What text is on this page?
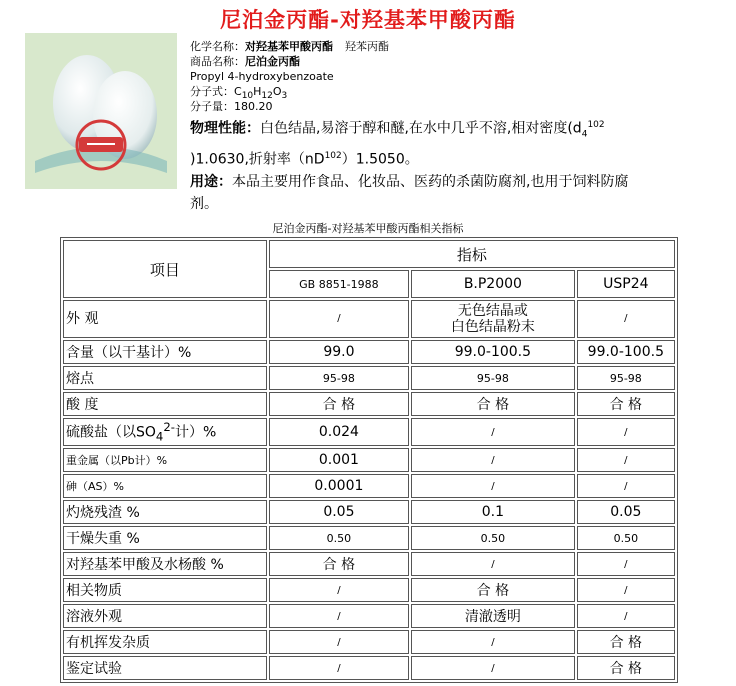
尼泊金丙酯-对羟基苯甲酸丙酯
化学名称：对羟基苯甲酸丙酯 羟苯丙酯
商品名称：尼泊金丙酯
Propyl 4-hydroxybenzoate
分子式：$C_{10}H_{12}O_3$
分子量：180.20
物理性能：白色结晶,易溶于醇和醚,在水中几乎不溶,相对密度($d_4^{102}$
)1.0630,折射率$(nD^{102})1.5050$。
用途：本品主要用作食品、化妆品、医药的杀菌防腐剂,也用于饲料防腐
剂。
尼泊金丙酯-对羟基苯甲酸丙酯相关指标
项目	指标		
	GB 8851-1988	B.P2000	USP24
外 观	/	无色结晶或
白色结晶粉末	/
含量（以干基计）%	99.0	99.0-100.5	99.0-100.5
熔点	95-98	95-98	95-98
酸 度	合 格	合 格	合 格
硫酸盐（以$SO_4^{2-}$计）%	0.024	/	/
重金属（以Pb计）%	0.001	/	/
砷（AS）%	0.0001	/	/
灼烧残渣 %	0.05	0.1	0.05
干燥失重 %	0.50	0.50	0.50
对羟基苯甲酸及水杨酸 %	合 格	/	/
相关物质	/	合 格	/
溶液外观	/	清澈透明	/
有机挥发杂质	/	/	合 格
鉴定试验	/	/	合 格
